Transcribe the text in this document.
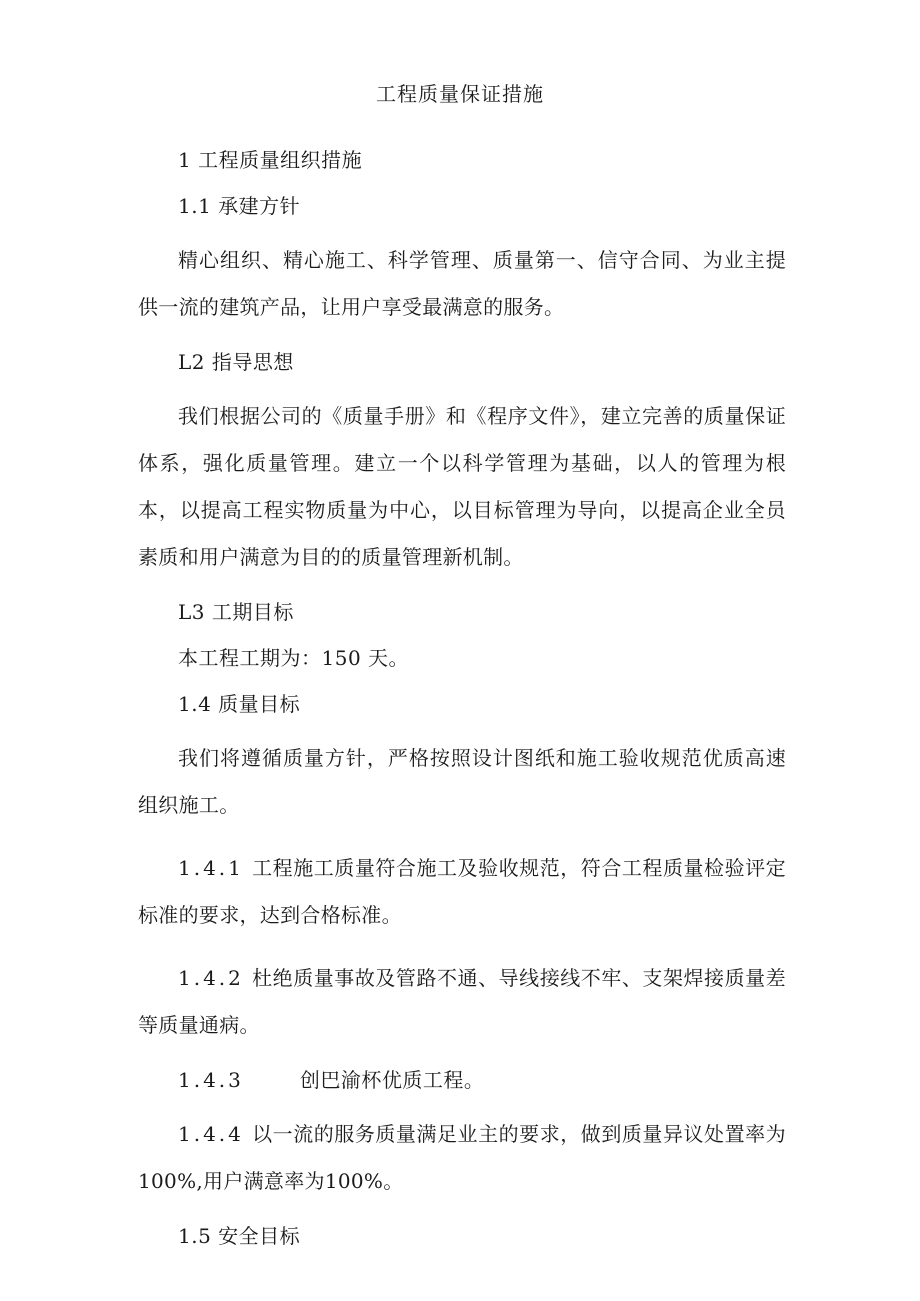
工程质量保证措施
1 工程质量组织措施
1.1 承建方针
精心组织、精心施工、科学管理、质量第一、信守合同、为业主提供一流的建筑产品，让用户享受最满意的服务。
L2 指导思想
我们根据公司的《质量手册》和《程序文件》，建立完善的质量保证体系，强化质量管理。建立一个以科学管理为基础，以人的管理为根本，以提高工程实物质量为中心，以目标管理为导向，以提高企业全员素质和用户满意为目的的质量管理新机制。
L3 工期目标
本工程工期为：150 天。
1.4 质量目标
我们将遵循质量方针，严格按照设计图纸和施工验收规范优质高速组织施工。
1.4.1 工程施工质量符合施工及验收规范，符合工程质量检验评定标准的要求，达到合格标准。
1.4.2 杜绝质量事故及管路不通、导线接线不牢、支架焊接质量差等质量通病。
1.4.3	创巴渝杯优质工程。
1.4.4 以一流的服务质量满足业主的要求，做到质量异议处置率为100%,用户满意率为100%。
1.5 安全目标
